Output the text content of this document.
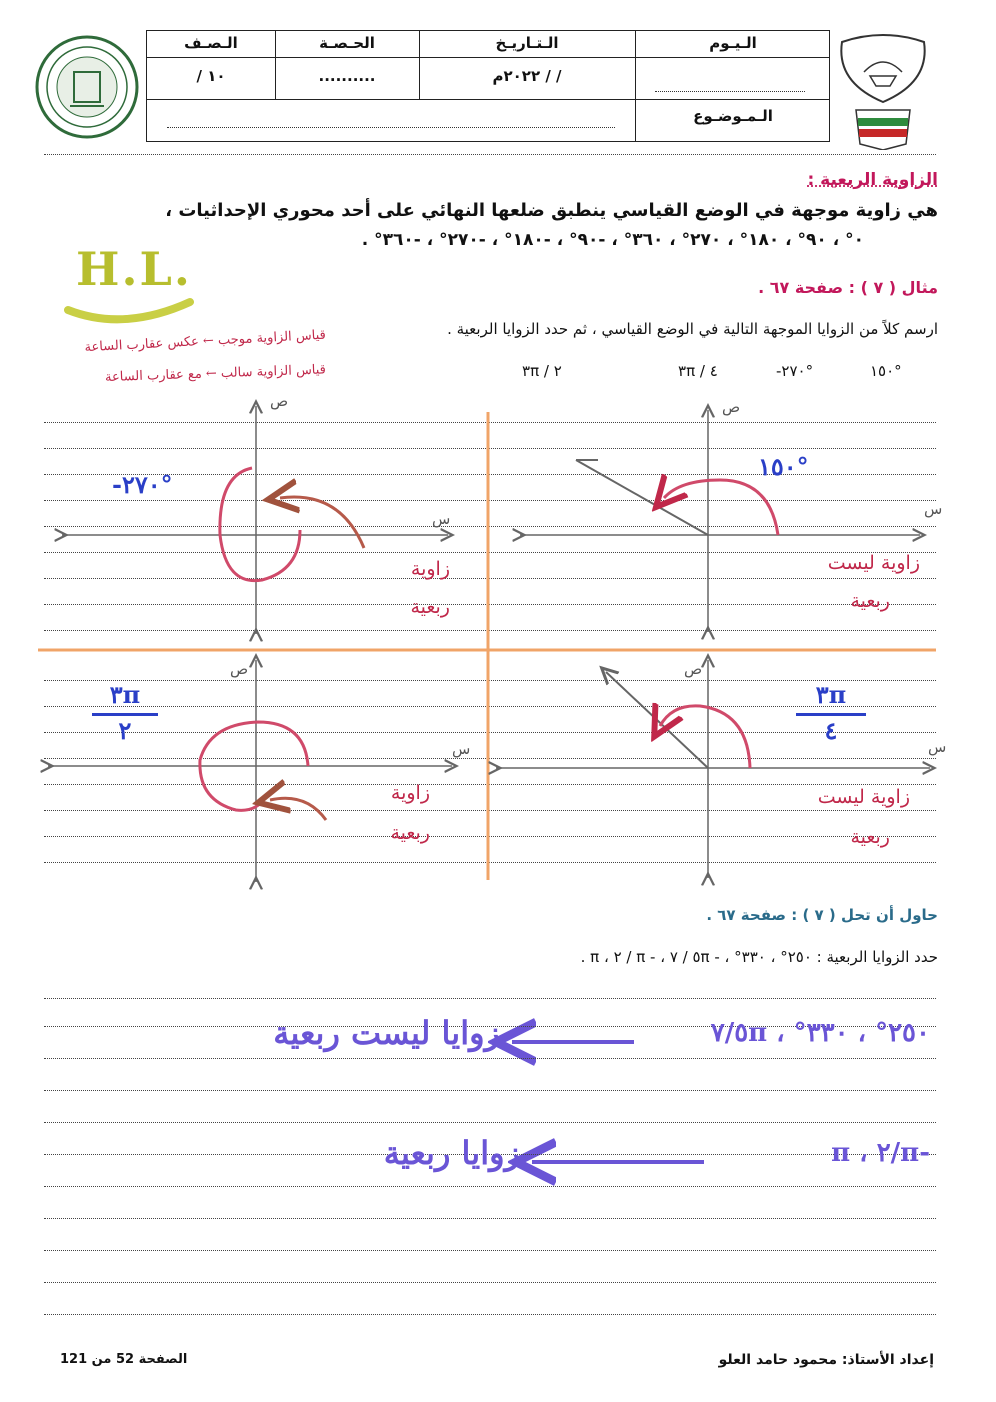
الـصـف	الحـصـة	الـتـاريـخ	الـيـوم
/ ١٠	..........	/ / ٢٠٢٢م
الـمـوضـوع
الزاوية الربعية :
هي زاوية موجهة في الوضع القياسي ينطبق ضلعها النهائي على أحد محوري الإحداثيات ،
٠° ، ٩٠° ، ١٨٠° ، ٢٧٠° ، ٣٦٠° ، -٩٠° ، -١٨٠° ، -٢٧٠° ، -٣٦٠° .
H.L.	مثال ( ٧ ) : صفحة ٦٧ .
ارسم كلاً من الزوايا الموجهة التالية في الوضع القياسي ، ثم حدد الزوايا الربعية .
قياس الزاوية موجب ← عكس عقارب الساعة
قياس الزاوية سالب ← مع عقارب الساعة	١٥٠°
-٢٧٠°
٣π / ٤
٣π / ٢
ص
س
ص
س
ص
س
ص
س
١٥٠°
زاوية ليست
ربعية
-٢٧٠°
زاوية
ربعية
٣π
٤
زاوية ليست
ربعية
٣π
٢
زاوية
ربعية
حاول أن تحل ( ٧ ) : صفحة ٦٧ .
حدد الزوايا الربعية : ٢٥٠° ، ٣٣٠° ، - ٥π / ٧ ، - π / ٢ ، π .
٢٥٠° ، ٣٣٠° ، ٥π/٧
زوايا ليست ربعية
-π/٢ ، π
زوايا ربعية
الصفحة 52 من 121	إعداد الأستاذ: محمود حامد العلو
